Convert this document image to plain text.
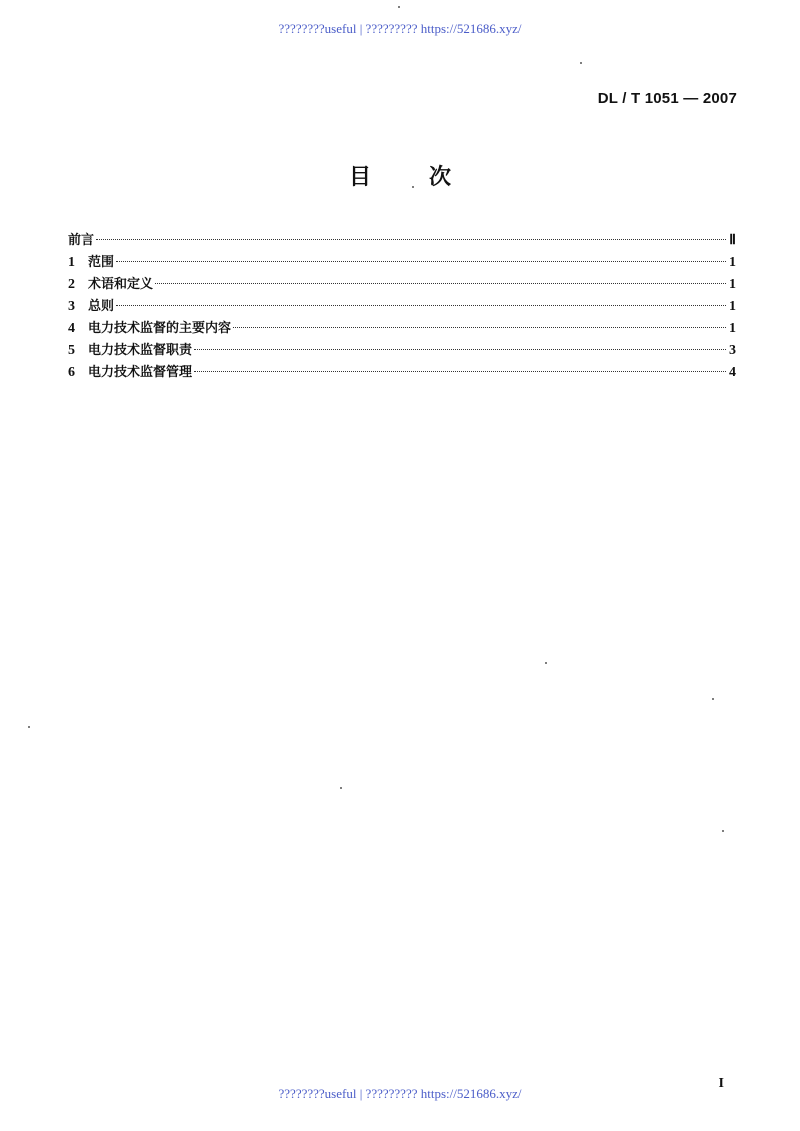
????????useful | ????????? https://521686.xyz/
DL / T 1051 — 2007
目	次
前言	Ⅱ
1	范围	1
2	术语和定义	1
3	总则	1
4	电力技术监督的主要内容	1
5	电力技术监督职责	3
6	电力技术监督管理	4
I
????????useful | ????????? https://521686.xyz/
